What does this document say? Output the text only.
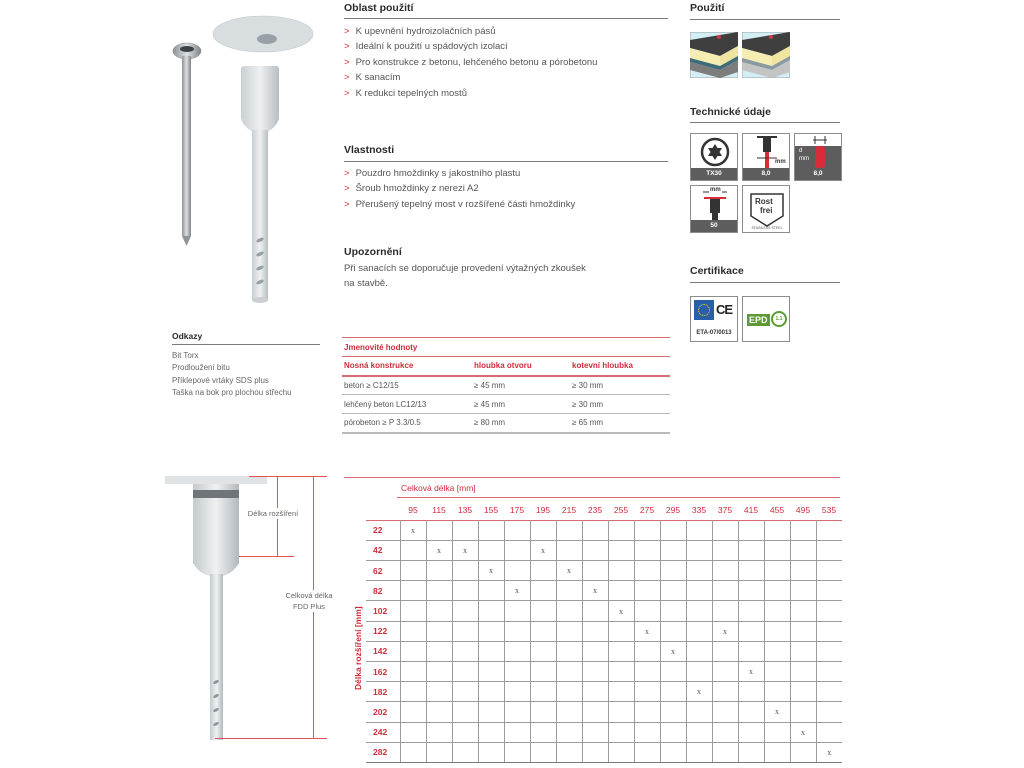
Oblast použití
> K upevnění hydroizolačních pásů
> Ideální k použití u spádových izolací
> Pro konstrukce z betonu, lehčeného betonu a pórobetonu
> K sanacím
> K redukci tepelných mostů
Vlastnosti
> Pouzdro hmoždinky s jakostního plastu
> Šroub hmoždinky z nerezi A2
> Přerušený tepelný most v rozšířené části hmoždinky
Upozornění
Při sanacích se doporučuje provedení výtažných zkoušek
na stavbě.
Použití
Technické údaje
TX30
mm
8,0
d
mm
8,0
mm
50
Rost
frei
STAINLESS STEEL
Certifikace
CE
ETA-07/0013
EPD	1.1
Odkazy
Bit Torx
Prodloužení bitu
Příklepové vrtáky SDS plus
Taška na bok pro plochou střechu
Jmenovité hodnoty		
Nosná konstrukce	hloubka otvoru	kotevní hloubka
beton ≥ C12/15	≥ 45 mm	≥ 30 mm
lehčený beton LC12/13	≥ 45 mm	≥ 30 mm
pórobeton ≥ P 3.3/0.5	≥ 80 mm	≥ 65 mm
Délka rozšíření
Celková délka
FDD Plus
Celková délka [mm]
Délka rozšíření [mm]
	95	115	135	155	175	195	215	235	255	275	295	335	375	415	455	495	535
22	x																
42		x	x			x											
62				x			x										
82					x			x									
102									x								
122										x			x				
142											x						
162														x			
182												x					
202															x		
242																x	
282																	x
